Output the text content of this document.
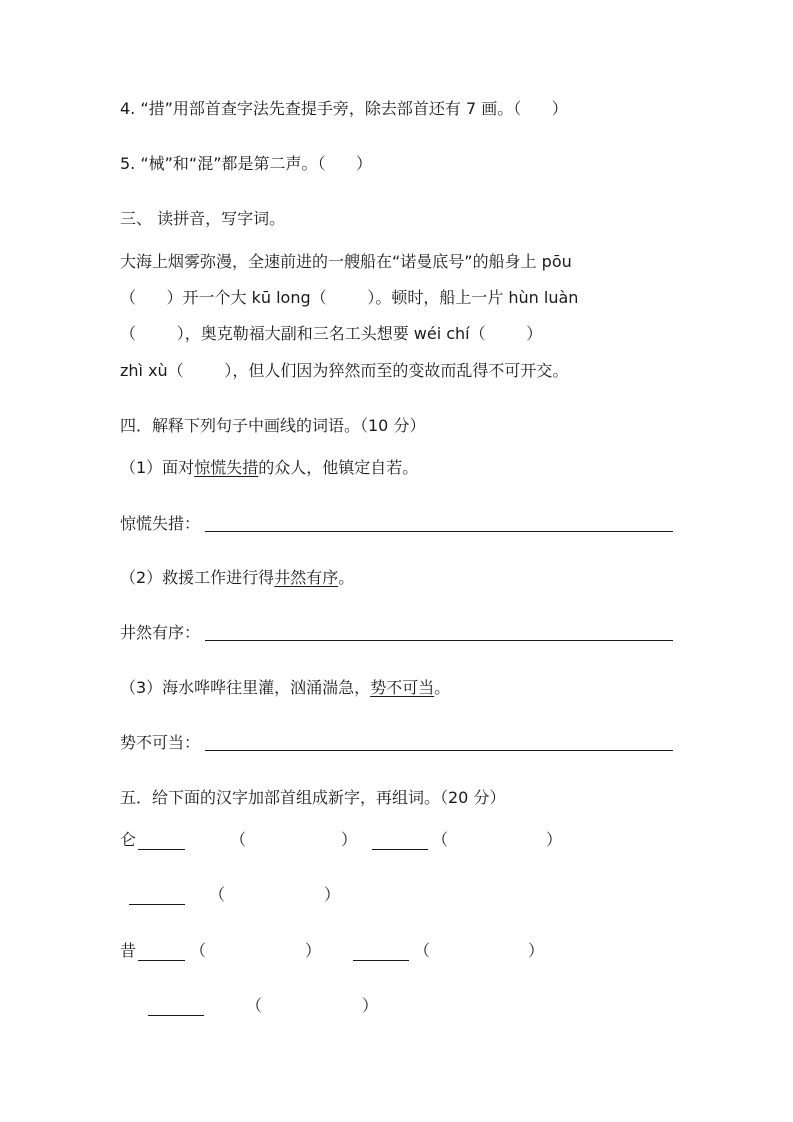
4. “措”用部首查字法先查提手旁，除去部首还有 7 画。（      ）
5. “械”和“混”都是第二声。（      ）
三、 读拼音，写字词。
大海上烟雾弥漫，全速前进的一艘船在“诺曼底号”的船身上 pōu
（      ）开一个大 kū long（        ）。顿时，船上一片 hùn luàn
（        ），奥克勒福大副和三名工头想要 wéi chí（        ）
zhì xù（        ），但人们因为猝然而至的变故而乱得不可开交。
四．解释下列句子中画线的词语。（10 分）
（1）面对惊慌失措的众人，他镇定自若。
惊慌失措：
（2）救援工作进行得井然有序。
井然有序：
（3）海水哗哗往里灌，汹涌湍急，势不可当。
势不可当：
五．给下面的汉字加部首组成新字，再组词。（20 分）
仑	（	）	（	）
（	）
昔	（	）	（	）
（	）
